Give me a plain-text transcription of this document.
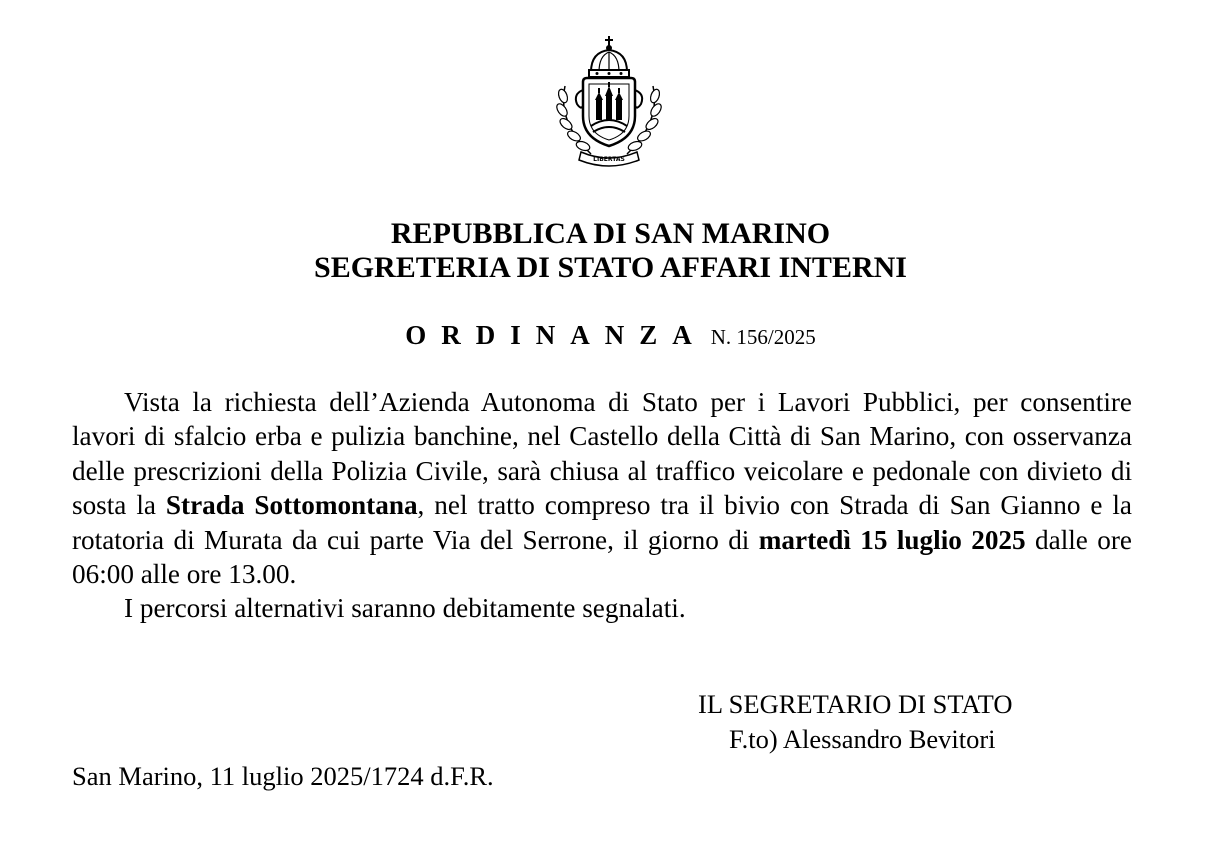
LIBERTAS
REPUBBLICA DI SAN MARINO
SEGRETERIA DI STATO AFFARI INTERNI
ORDINANZA N. 156/2025

Vista la richiesta dell’Azienda Autonoma di Stato per i Lavori Pubblici, per consentire lavori di sfalcio erba e pulizia banchine, nel Castello della Città di San Marino, con osservanza delle prescrizioni della Polizia Civile, sarà chiusa al traffico veicolare e pedonale con divieto di sosta la Strada Sottomontana, nel tratto compreso tra il bivio con Strada di San Gianno e la rotatoria di Murata da cui parte Via del Serrone, il giorno di martedì 15 luglio 2025 dalle ore 06:00 alle ore 13.00.

I percorsi alternativi saranno debitamente segnalati.

IL SEGRETARIO DI STATO
F.to) Alessandro Bevitori
San Marino, 11 luglio 2025/1724 d.F.R.
